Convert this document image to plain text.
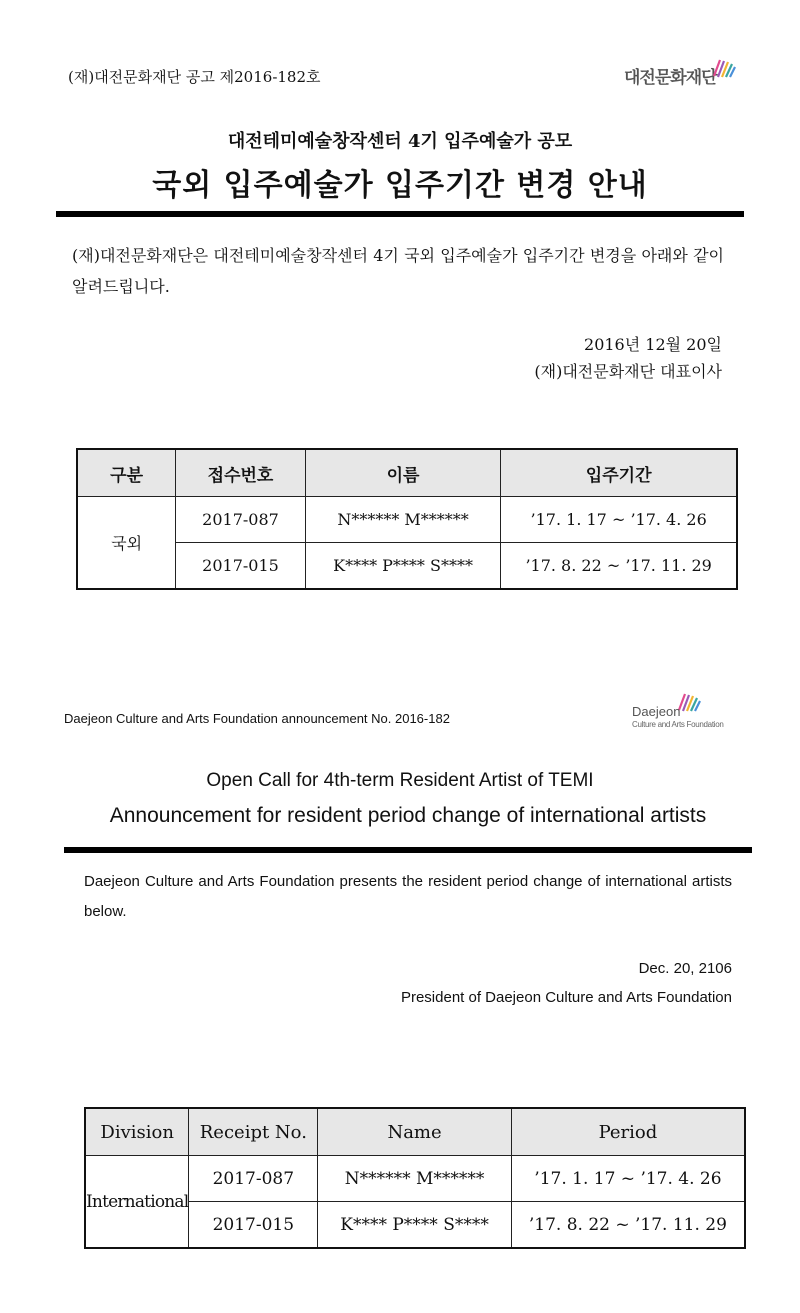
(재)대전문화재단 공고 제2016-182호	대전문화재단
대전테미예술창작센터 4기 입주예술가 공모
국외 입주예술가 입주기간 변경 안내
(재)대전문화재단은 대전테미예술창작센터 4기 국외 입주예술가 입주기간 변경을 아래와 같이 알려드립니다.
2016년 12월 20일
(재)대전문화재단 대표이사
구분	접수번호	이름	입주기간
국외	2017-087	N****** M******	’17. 1. 17 ~ ’17. 4. 26
	2017-015	K**** P**** S****	’17. 8. 22 ~ ’17. 11. 29
Daejeon Culture and Arts Foundation announcement No. 2016-182	Daejeon
Culture and Arts Foundation
Open Call for 4th-term Resident Artist of TEMI
Announcement for resident period change of international artists
Daejeon Culture and Arts Foundation presents the resident period change of international artists below.
Dec. 20, 2106
President of Daejeon Culture and Arts Foundation
Division	Receipt No.	Name	Period
International	2017-087	N****** M******	’17. 1. 17 ~ ’17. 4. 26
	2017-015	K**** P**** S****	’17. 8. 22 ~ ’17. 11. 29
